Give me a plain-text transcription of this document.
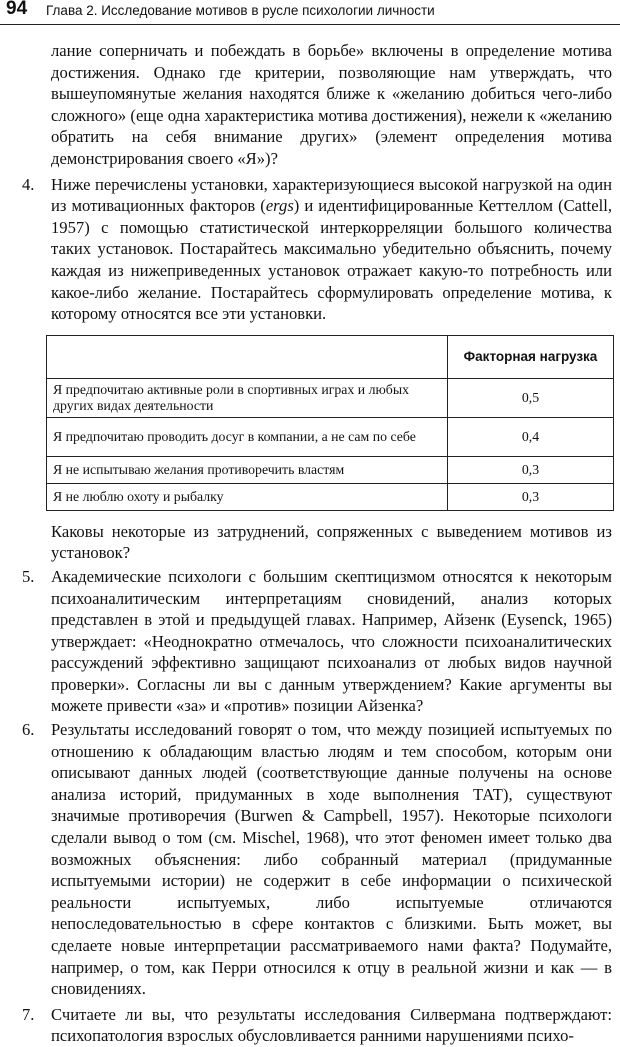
94 Глава 2. Исследование мотивов в русле психологии личности

лание соперничать и побеждать в борьбе» включены в определение мотива достижения. Однако где критерии, позволяющие нам утверждать, что вышеупомянутые желания находятся ближе к «желанию добиться чего-либо сложного» (еще одна характеристика мотива достижения), нежели к «желанию обратить на себя внимание других» (элемент определения мотива демонстрирования своего «Я»)?

4. Ниже перечислены установки, характеризующиеся высокой нагрузкой на один из мотивационных факторов (ergs) и идентифицированные Кеттеллом (Cattell, 1957) с помощью статистической интеркорреляции большого количества таких установок. Постарайтесь максимально убедительно объяснить, почему каждая из нижеприведенных установок отражает какую-то потребность или какое-либо желание. Постарайтесь сформулировать определение мотива, к которому относятся все эти установки.

	Факторная нагрузка
Я предпочитаю активные роли в спортивных играх и любых других видах деятельности	0,5
Я предпочитаю проводить досуг в компании, а не сам по себе	0,4
Я не испытываю желания противоречить властям	0,3
Я не люблю охоту и рыбалку	0,3

Каковы некоторые из затруднений, сопряженных с выведением мотивов из установок?

5. Академические психологи с большим скептицизмом относятся к некоторым психоаналитическим интерпретациям сновидений, анализ которых представлен в этой и предыдущей главах. Например, Айзенк (Eysenck, 1965) утверждает: «Неоднократно отмечалось, что сложности психоаналитических рассуждений эффективно защищают психоанализ от любых видов научной проверки». Согласны ли вы с данным утверждением? Какие аргументы вы можете привести «за» и «против» позиции Айзенка?

6. Результаты исследований говорят о том, что между позицией испытуемых по отношению к обладающим властью людям и тем способом, которым они описывают данных людей (соответствующие данные получены на основе анализа историй, придуманных в ходе выполнения ТАТ), существуют значимые противоречия (Burwen & Campbell, 1957). Некоторые психологи сделали вывод о том (см. Mischel, 1968), что этот феномен имеет только два возможных объяснения: либо собранный материал (придуманные испытуемыми истории) не содержит в себе информации о психической реальности испытуемых, либо испытуемые отличаются непоследовательностью в сфере контактов с близкими. Быть может, вы сделаете новые интерпретации рассматриваемого нами факта? Подумайте, например, о том, как Перри относился к отцу в реальной жизни и как — в сновидениях.

7. Считаете ли вы, что результаты исследования Силвермана подтверждают: психопатология взрослых обусловливается ранними нарушениями психо-
